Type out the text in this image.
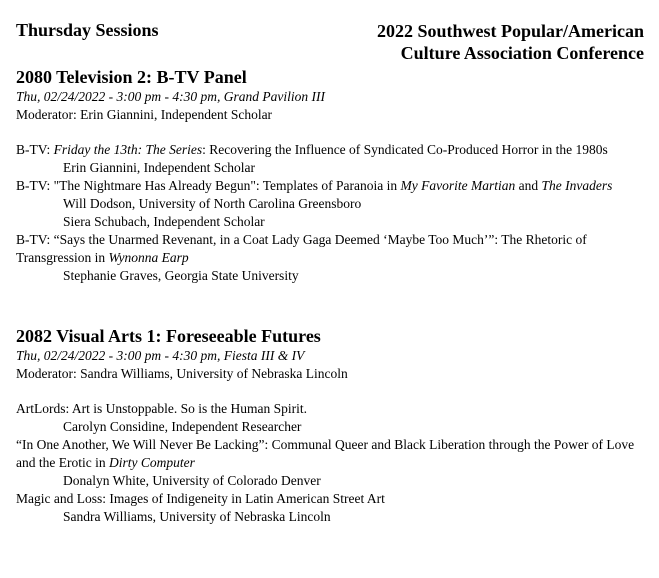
Thursday Sessions	2022 Southwest Popular/American
Culture Association Conference
2080 Television 2: B-TV Panel
Thu, 02/24/2022 - 3:00 pm - 4:30 pm, Grand Pavilion III
Moderator: Erin Giannini, Independent Scholar
B-TV: Friday the 13th: The Series: Recovering the Influence of Syndicated Co-Produced Horror in the 1980s
Erin Giannini, Independent Scholar
B-TV: "The Nightmare Has Already Begun": Templates of Paranoia in My Favorite Martian and The Invaders
Will Dodson, University of North Carolina Greensboro
Siera Schubach, Independent Scholar
B-TV: “Says the Unarmed Revenant, in a Coat Lady Gaga Deemed ‘Maybe Too Much’”: The Rhetoric of Transgression in Wynonna Earp
Stephanie Graves, Georgia State University
2082 Visual Arts 1: Foreseeable Futures
Thu, 02/24/2022 - 3:00 pm - 4:30 pm, Fiesta III & IV
Moderator: Sandra Williams, University of Nebraska Lincoln
ArtLords: Art is Unstoppable. So is the Human Spirit.
Carolyn Considine, Independent Researcher
“In One Another, We Will Never Be Lacking”: Communal Queer and Black Liberation through the Power of Love and the Erotic in Dirty Computer
Donalyn White, University of Colorado Denver
Magic and Loss: Images of Indigeneity in Latin American Street Art
Sandra Williams, University of Nebraska Lincoln
